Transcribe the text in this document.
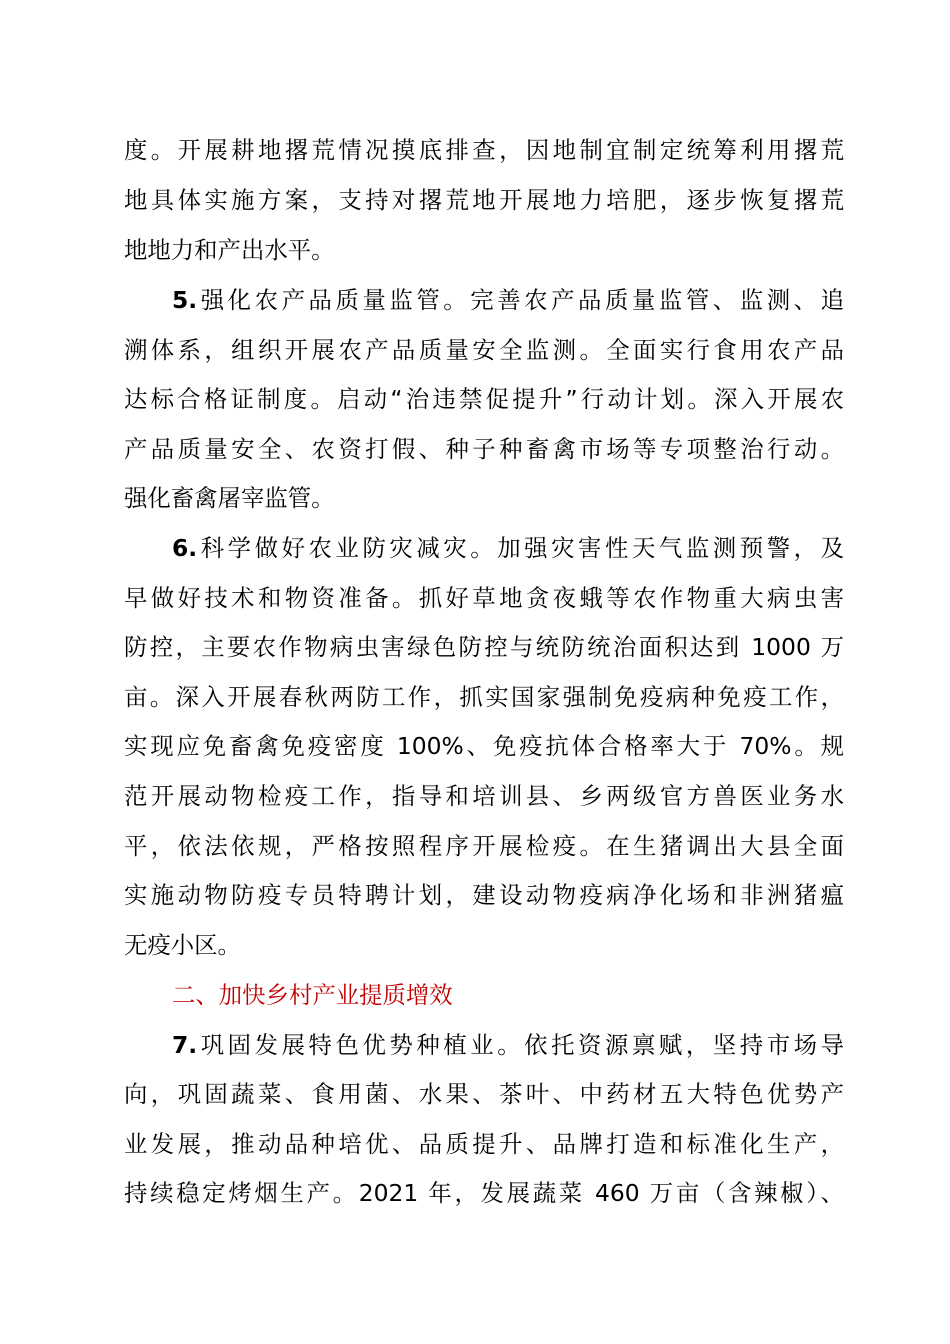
度。开展耕地撂荒情况摸底排查，因地制宜制定统筹利用撂荒
地具体实施方案，支持对撂荒地开展地力培肥，逐步恢复撂荒
地地力和产出水平。
5.强化农产品质量监管。完善农产品质量监管、监测、追
溯体系，组织开展农产品质量安全监测。全面实行食用农产品
达标合格证制度。启动“治违禁促提升”行动计划。深入开展农
产品质量安全、农资打假、种子种畜禽市场等专项整治行动。
强化畜禽屠宰监管。
6.科学做好农业防灾减灾。加强灾害性天气监测预警，及
早做好技术和物资准备。抓好草地贪夜蛾等农作物重大病虫害
防控，主要农作物病虫害绿色防控与统防统治面积达到 1000 万
亩。深入开展春秋两防工作，抓实国家强制免疫病种免疫工作，
实现应免畜禽免疫密度 100%、免疫抗体合格率大于 70%。规
范开展动物检疫工作，指导和培训县、乡两级官方兽医业务水
平，依法依规，严格按照程序开展检疫。在生猪调出大县全面
实施动物防疫专员特聘计划，建设动物疫病净化场和非洲猪瘟
无疫小区。
二、加快乡村产业提质增效
7.巩固发展特色优势种植业。依托资源禀赋，坚持市场导
向，巩固蔬菜、食用菌、水果、茶叶、中药材五大特色优势产
业发展，推动品种培优、品质提升、品牌打造和标准化生产，
持续稳定烤烟生产。2021 年，发展蔬菜 460 万亩（含辣椒）、
